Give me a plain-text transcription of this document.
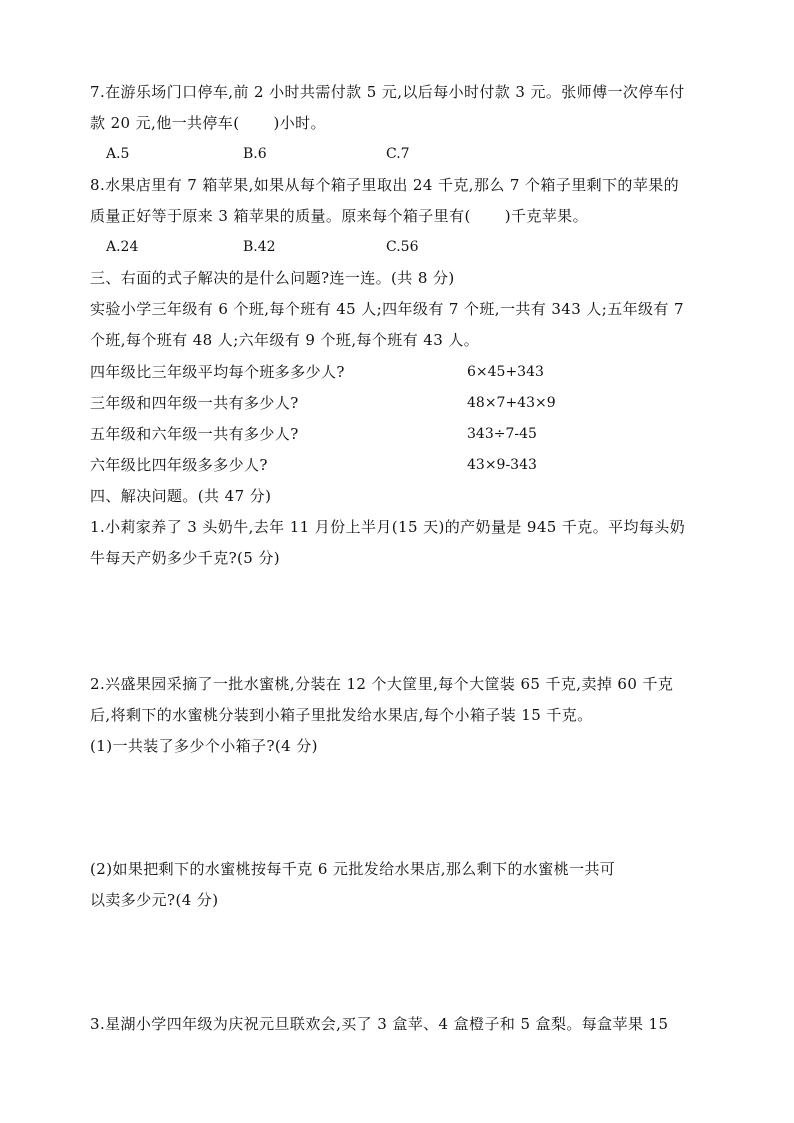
7.在游乐场门口停车,前 2 小时共需付款 5 元,以后每小时付款 3 元。张师傅一次停车付
款 20 元,他一共停车( )小时。
A.5	B.6	C.7
8.水果店里有 7 箱苹果,如果从每个箱子里取出 24 千克,那么 7 个箱子里剩下的苹果的
质量正好等于原来 3 箱苹果的质量。原来每个箱子里有( )千克苹果。
A.24	B.42	C.56
三、右面的式子解决的是什么问题?连一连。(共 8 分)
实验小学三年级有 6 个班,每个班有 45 人;四年级有 7 个班,一共有 343 人;五年级有 7
个班,每个班有 48 人;六年级有 9 个班,每个班有 43 人。
四年级比三年级平均每个班多多少人?	6×45+343
三年级和四年级一共有多少人?	48×7+43×9
五年级和六年级一共有多少人?	343÷7-45
六年级比四年级多多少人?	43×9-343
四、解决问题。(共 47 分)
1.小莉家养了 3 头奶牛,去年 11 月份上半月(15 天)的产奶量是 945 千克。平均每头奶
牛每天产奶多少千克?(5 分)
2.兴盛果园采摘了一批水蜜桃,分装在 12 个大筐里,每个大筐装 65 千克,卖掉 60 千克
后,将剩下的水蜜桃分装到小箱子里批发给水果店,每个小箱子装 15 千克。
(1)一共装了多少个小箱子?(4 分)
(2)如果把剩下的水蜜桃按每千克 6 元批发给水果店,那么剩下的水蜜桃一共可
以卖多少元?(4 分)
3.星湖小学四年级为庆祝元旦联欢会,买了 3 盒苹、4 盒橙子和 5 盒梨。每盒苹果 15
